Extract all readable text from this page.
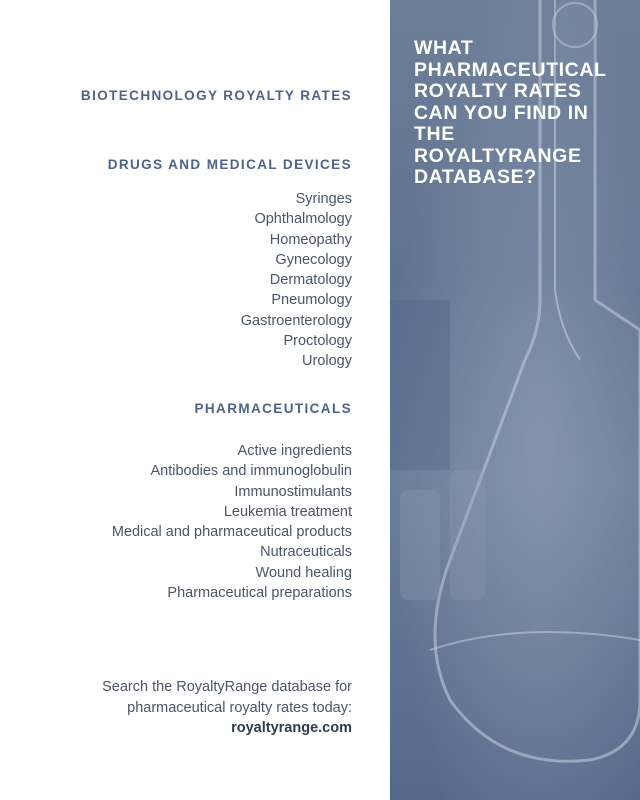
BIOTECHNOLOGY ROYALTY RATES
DRUGS AND MEDICAL DEVICES
Syringes
Ophthalmology
Homeopathy
Gynecology
Dermatology
Pneumology
Gastroenterology
Proctology
Urology
PHARMACEUTICALS
Active ingredients
Antibodies and immunoglobulin
Immunostimulants
Leukemia treatment
Medical and pharmaceutical products
Nutraceuticals
Wound healing
Pharmaceutical preparations
Search the RoyaltyRange database for
pharmaceutical royalty rates today:
royaltyrange.com
WHAT
PHARMACEUTICAL
ROYALTY RATES
CAN YOU FIND IN
THE
ROYALTYRANGE
DATABASE?
